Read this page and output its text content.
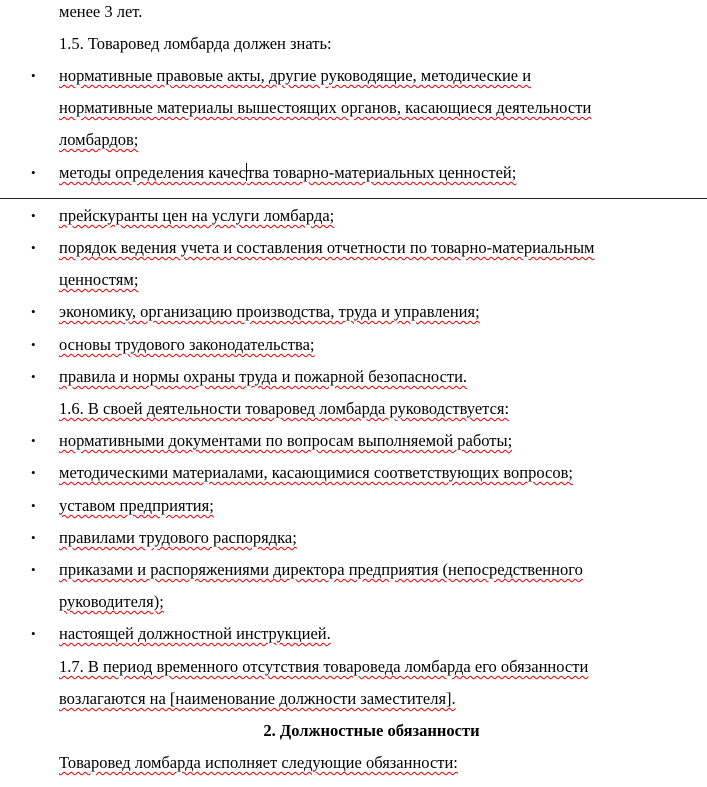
менее 3 лет.
1.5. Товаровед ломбарда должен знать:
• нормативные правовые акты, другие руководящие, методические и
нормативные материалы вышестоящих органов, касающиеся деятельности
ломбардов;
• методы определения качества товарно-материальных ценностей;
• прейскуранты цен на услуги ломбарда;
• порядок ведения учета и составления отчетности по товарно-материальным
ценностям;
• экономику, организацию производства, труда и управления;
• основы трудового законодательства;
• правила и нормы охраны труда и пожарной безопасности.
1.6. В своей деятельности товаровед ломбарда руководствуется:
• нормативными документами по вопросам выполняемой работы;
• методическими материалами, касающимися соответствующих вопросов;
• уставом предприятия;
• правилами трудового распорядка;
• приказами и распоряжениями директора предприятия (непосредственного
руководителя);
• настоящей должностной инструкцией.
1.7. В период временного отсутствия товароведа ломбарда его обязанности
возлагаются на [наименование должности заместителя].
2. Должностные обязанности
Товаровед ломбарда исполняет следующие обязанности:
